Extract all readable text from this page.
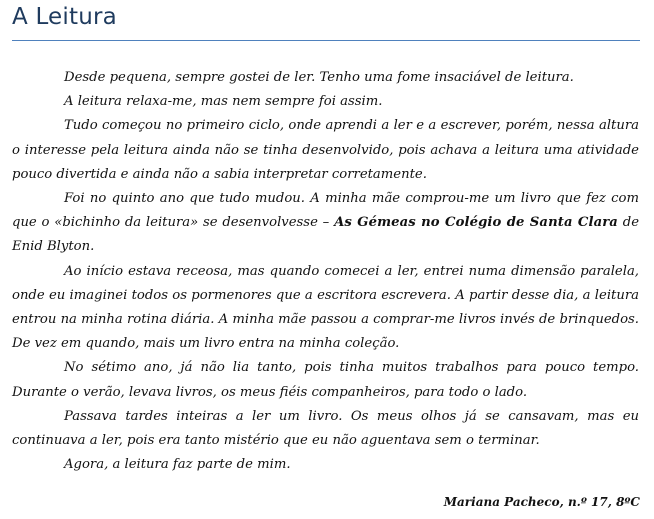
A Leitura

Desde pequena, sempre gostei de ler. Tenho uma fome insaciável de leitura.

A leitura relaxa-me, mas nem sempre foi assim.

Tudo começou no primeiro ciclo, onde aprendi a ler e a escrever, porém, nessa altura o interesse pela leitura ainda não se tinha desenvolvido, pois achava a leitura uma atividade pouco divertida e ainda não a sabia interpretar corretamente.

Foi no quinto ano que tudo mudou. A minha mãe comprou-me um livro que fez com que o «bichinho da leitura» se desenvolvesse – As Gémeas no Colégio de Santa Clara de Enid Blyton.

Ao início estava receosa, mas quando comecei a ler, entrei numa dimensão paralela, onde eu imaginei todos os pormenores que a escritora escrevera. A partir desse dia, a leitura entrou na minha rotina diária. A minha mãe passou a comprar-me livros invés de brinquedos. De vez em quando, mais um livro entra na minha coleção.

No sétimo ano, já não lia tanto, pois tinha muitos trabalhos para pouco tempo. Durante o verão, levava livros, os meus fiéis companheiros, para todo o lado.

Passava tardes inteiras a ler um livro. Os meus olhos já se cansavam, mas eu continuava a ler, pois era tanto mistério que eu não aguentava sem o terminar.

Agora, a leitura faz parte de mim.

Mariana Pacheco, n.º 17, 8ºC
